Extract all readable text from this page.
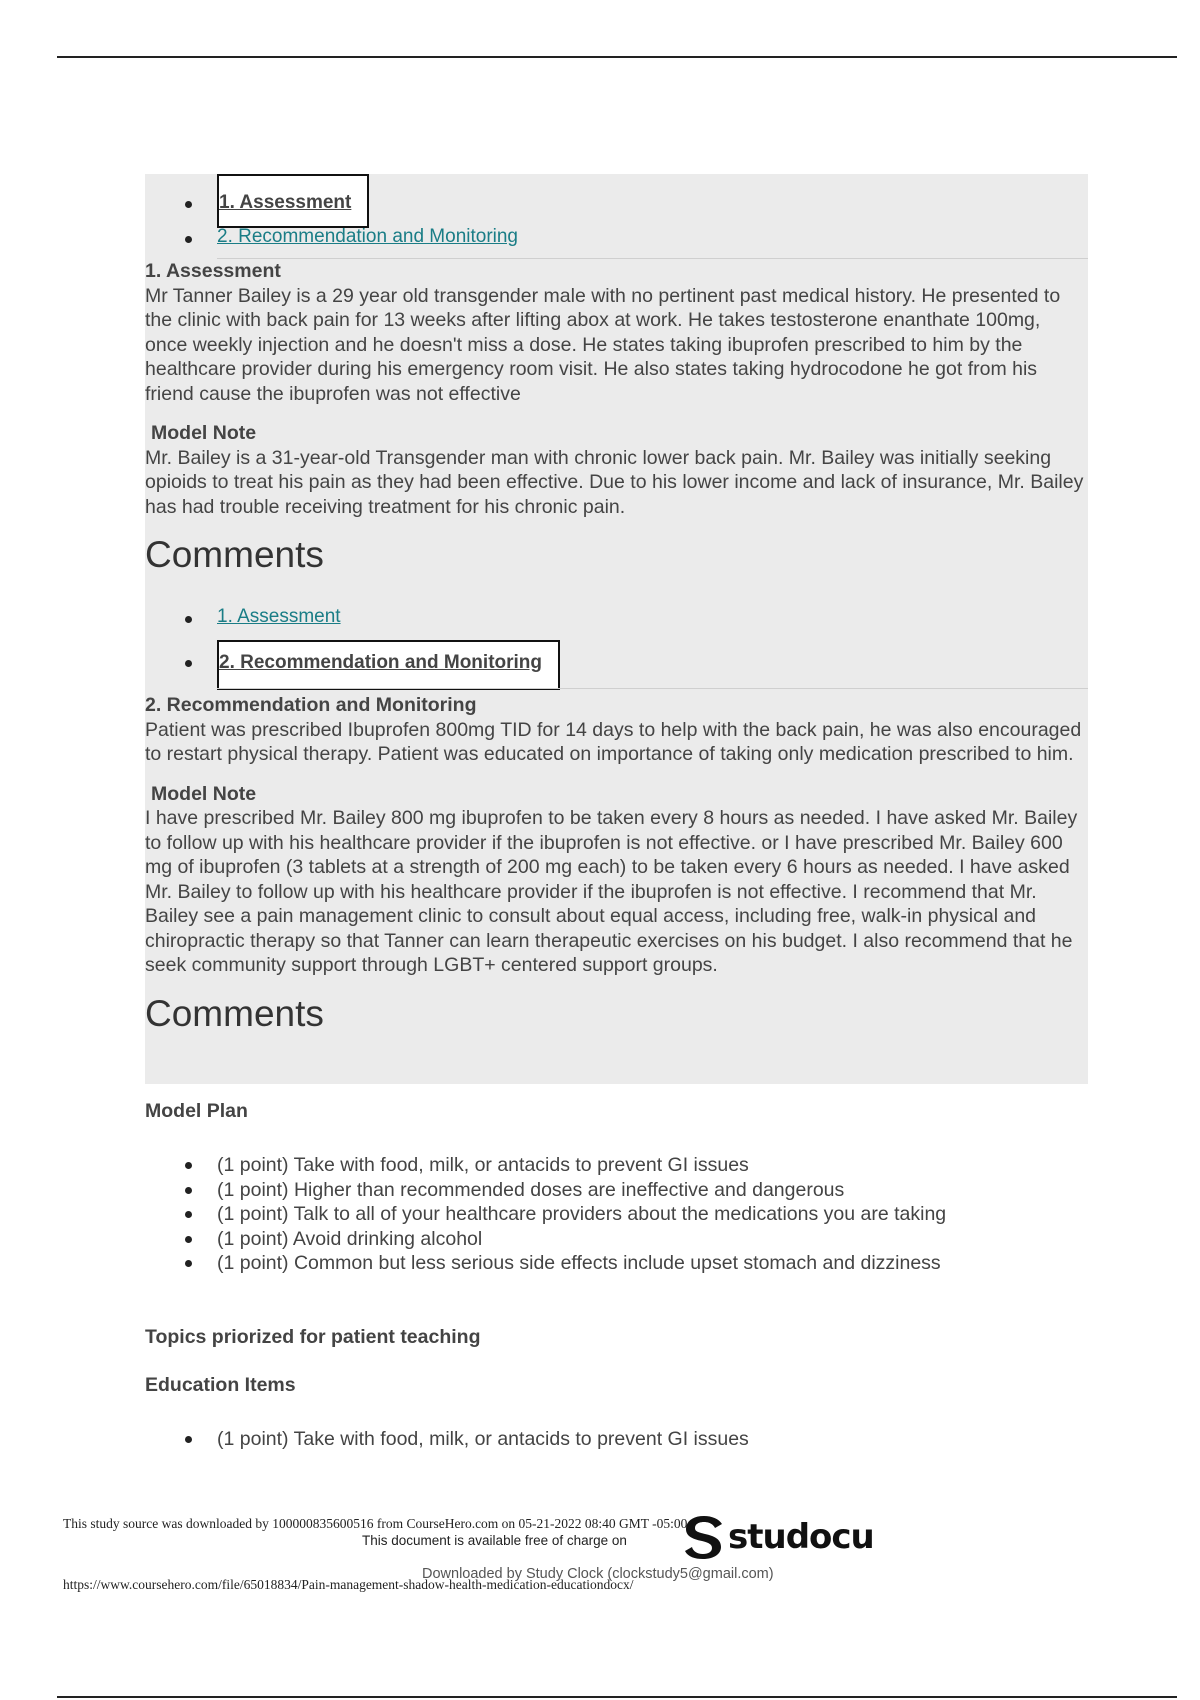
1. Assessment
2. Recommendation and Monitoring
1. Assessment

Mr Tanner Bailey is a 29 year old transgender male with no pertinent past medical history. He presented to the clinic with back pain for 13 weeks after lifting abox at work. He takes testosterone enanthate 100mg, once weekly injection and he doesn't miss a dose. He states taking ibuprofen prescribed to him by the healthcare provider during his emergency room visit. He also states taking hydrocodone he got from his friend cause the ibuprofen was not effective

Model Note

Mr. Bailey is a 31-year-old Transgender man with chronic lower back pain. Mr. Bailey was initially seeking opioids to treat his pain as they had been effective. Due to his lower income and lack of insurance, Mr. Bailey has had trouble receiving treatment for his chronic pain.

Comments
1. Assessment
2. Recommendation and Monitoring
2. Recommendation and Monitoring

Patient was prescribed Ibuprofen 800mg TID for 14 days to help with the back pain, he was also encouraged to restart physical therapy. Patient was educated on importance of taking only medication prescribed to him.

Model Note

I have prescribed Mr. Bailey 800 mg ibuprofen to be taken every 8 hours as needed. I have asked Mr. Bailey to follow up with his healthcare provider if the ibuprofen is not effective. or I have prescribed Mr. Bailey 600 mg of ibuprofen (3 tablets at a strength of 200 mg each) to be taken every 6 hours as needed. I have asked Mr. Bailey to follow up with his healthcare provider if the ibuprofen is not effective. I recommend that Mr. Bailey see a pain management clinic to consult about equal access, including free, walk-in physical and chiropractic therapy so that Tanner can learn therapeutic exercises on his budget. I also recommend that he seek community support through LGBT+ centered support groups.

Comments
Model Plan
(1 point) Take with food, milk, or antacids to prevent GI issues
(1 point) Higher than recommended doses are ineffective and dangerous
(1 point) Talk to all of your healthcare providers about the medications you are taking
(1 point) Avoid drinking alcohol
(1 point) Common but less serious side effects include upset stomach and dizziness
Topics priorized for patient teaching
Education Items
(1 point) Take with food, milk, or antacids to prevent GI issues
This study source was downloaded by 100000835600516 from CourseHero.com on 05-21-2022 08:40 GMT -05:00
This document is available free of charge on	studocu
https://www.coursehero.com/file/65018834/Pain-management-shadow-health-medication-educationdocx/
Downloaded by Study Clock (clockstudy5@gmail.com)
